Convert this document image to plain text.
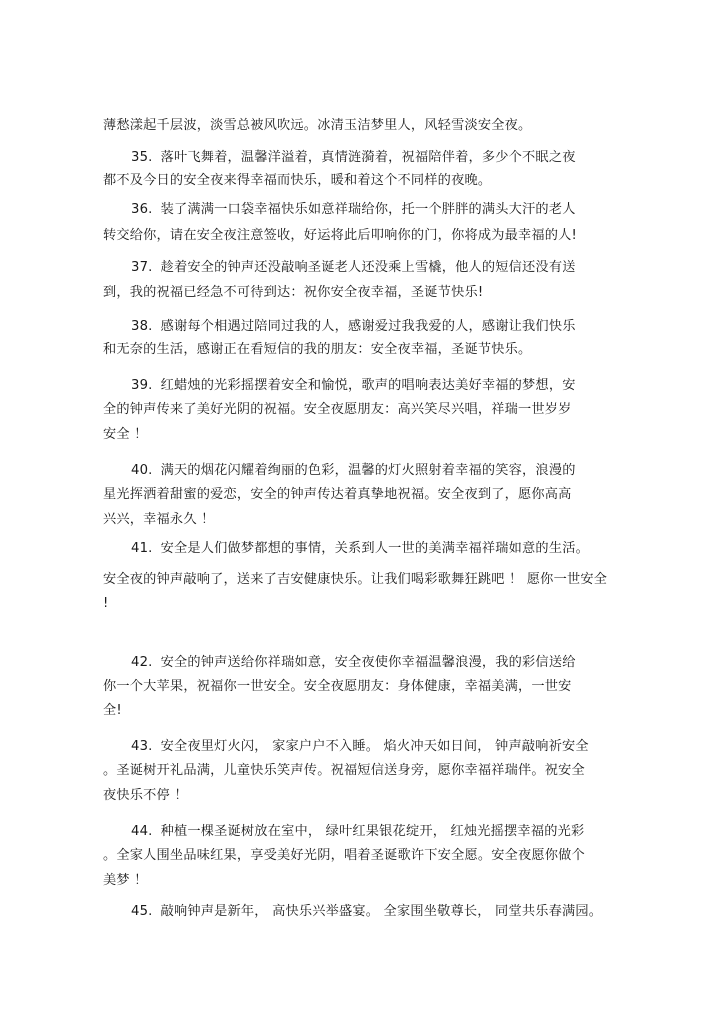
薄愁漾起千层波，淡雪总被风吹远。冰清玉洁梦里人，风轻雪淡安全夜。
35. 落叶飞舞着，温馨洋溢着，真情涟漪着，祝福陪伴着，多少个不眠之夜
都不及今日的安全夜来得幸福而快乐，暖和着这个不同样的夜晚。
36. 装了满满一口袋幸福快乐如意祥瑞给你，托一个胖胖的满头大汗的老人
转交给你，请在安全夜注意签收，好运将此后叩响你的门，你将成为最幸福的人!
37. 趁着安全的钟声还没敲响圣诞老人还没乘上雪橇，他人的短信还没有送
到，我的祝福已经急不可待到达：祝你安全夜幸福，圣诞节快乐!
38. 感谢每个相遇过陪同过我的人，感谢爱过我我爱的人，感谢让我们快乐
和无奈的生活，感谢正在看短信的我的朋友：安全夜幸福，圣诞节快乐。
39. 红蜡烛的光彩摇摆着安全和愉悦，歌声的唱响表达美好幸福的梦想，安
全的钟声传来了美好光阴的祝福。安全夜愿朋友：高兴笑尽兴唱，祥瑞一世岁岁
安全 ！
40. 满天的烟花闪耀着绚丽的色彩，温馨的灯火照射着幸福的笑容，浪漫的
星光挥洒着甜蜜的爱恋，安全的钟声传达着真挚地祝福。安全夜到了，愿你高高
兴兴，幸福永久 ！
41. 安全是人们做梦都想的事情，关系到人一世的美满幸福祥瑞如意的生活。
安全夜的钟声敲响了，送来了吉安健康快乐。让我们喝彩歌舞狂跳吧 ！ 愿你一世安全
!
42. 安全的钟声送给你祥瑞如意，安全夜使你幸福温馨浪漫，我的彩信送给
你一个大苹果，祝福你一世安全。安全夜愿朋友：身体健康，幸福美满，一世安
全!
43. 安全夜里灯火闪， 家家户户不入睡。 焰火冲天如日间， 钟声敲响祈安全
。圣诞树开礼品满，儿童快乐笑声传。祝福短信送身旁，愿你幸福祥瑞伴。祝安全
夜快乐不停 ！
44. 种植一棵圣诞树放在室中， 绿叶红果银花绽开， 红烛光摇摆幸福的光彩
。全家人围坐品味红果，享受美好光阴，唱着圣诞歌许下安全愿。安全夜愿你做个
美梦 ！
45. 敲响钟声是新年， 高快乐兴举盛宴。 全家围坐敬尊长， 同堂共乐春满园。
